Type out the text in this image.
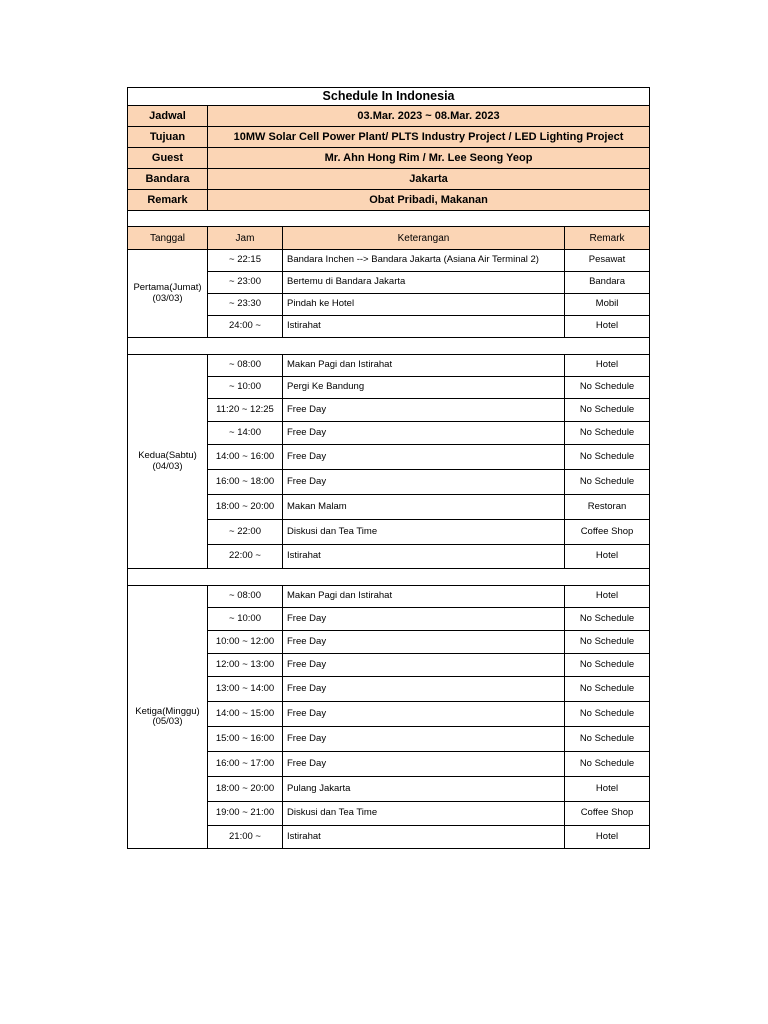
Schedule In Indonesia			
Jadwal	03.Mar. 2023 ~ 08.Mar. 2023		
Tujuan	10MW Solar Cell Power Plant/ PLTS Industry Project / LED Lighting Project		
Guest	Mr. Ahn Hong Rim / Mr. Lee Seong Yeop		
Bandara	Jakarta		
Remark	Obat Pribadi, Makanan		

Tanggal	Jam	Keterangan	Remark

Pertama(Jumat)
(03/03)	~ 22:15	Bandara Inchen --> Bandara Jakarta (Asiana Air Terminal 2)	Pesawat
	~ 23:00	Bertemu di Bandara Jakarta	Bandara
	~ 23:30	Pindah ke Hotel	Mobil
	24:00 ~	Istirahat	Hotel

Kedua(Sabtu)
(04/03)	~ 08:00	Makan Pagi dan Istirahat	Hotel
	~ 10:00	Pergi Ke Bandung	No Schedule
	11:20 ~ 12:25	Free Day	No Schedule
	~ 14:00	Free Day	No Schedule
	14:00 ~ 16:00	Free Day	No Schedule
	16:00 ~ 18:00	Free Day	No Schedule
	18:00 ~ 20:00	Makan Malam	Restoran
	~ 22:00	Diskusi dan Tea Time	Coffee Shop
	22:00 ~	Istirahat	Hotel

Ketiga(Minggu)
(05/03)	~ 08:00	Makan Pagi dan Istirahat	Hotel
	~ 10:00	Free Day	No Schedule
	10:00 ~ 12:00	Free Day	No Schedule
	12:00 ~ 13:00	Free Day	No Schedule
	13:00 ~ 14:00	Free Day	No Schedule
	14:00 ~ 15:00	Free Day	No Schedule
	15:00 ~ 16:00	Free Day	No Schedule
	16:00 ~ 17:00	Free Day	No Schedule
	18:00 ~ 20:00	Pulang Jakarta	Hotel
	19:00 ~ 21:00	Diskusi dan Tea Time	Coffee Shop
	21:00 ~	Istirahat	Hotel
